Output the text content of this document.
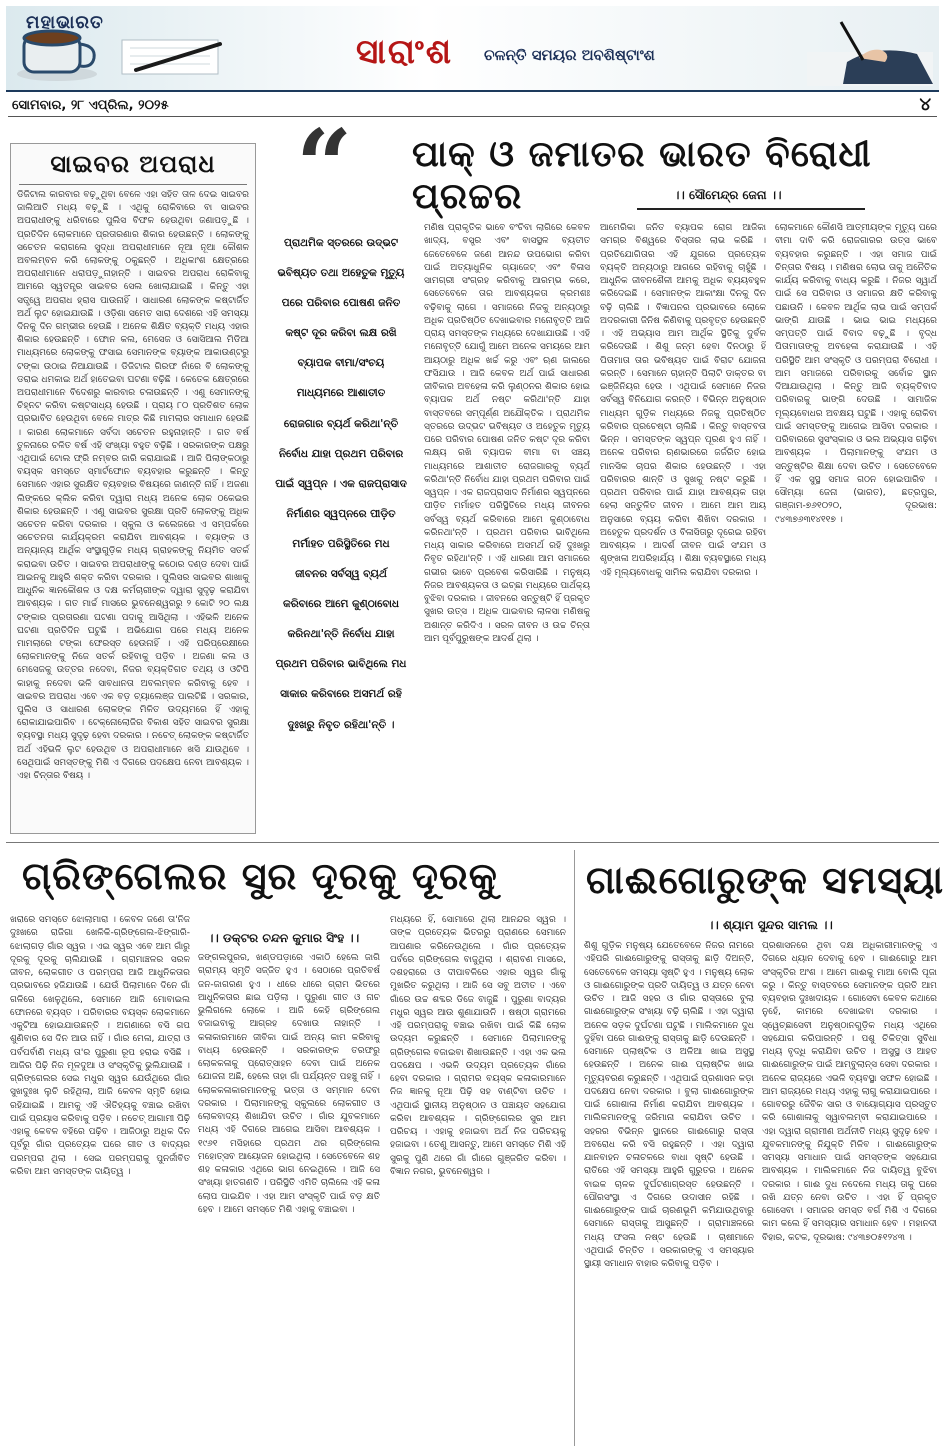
ମହାଭାରତ
ସାରାଂଶ ଚଳନ୍ତି ସମୟର ଅବଶିଷ୍ଟାଂଶ
ସୋମବାର, ୨୮ ଏପ୍ରିଲ, ୨୦୨୫	୪
ସାଇବର ଅପରାଧ
ଡିଜିଟାଲ କାରବାର ବଢ଼ୁଥିବା ବେଳେ ଏହା ସହିତ ତାଳ ଦେଇ ସାଇବର ଜାଲିଆତି ମଧ୍ୟ ବଢ଼ୁଛି । ଏଥିକୁ ରୋକିବାରେ ବା ସାଇବର ଅପରାଧୀଙ୍କୁ ଧରିବାରେ ପୁଲିସ ବିଫଳ ହେଉଥିବା ଜଣାପଡ଼ୁଛି । ପ୍ରତିଦିନ ଲୋକମାନେ ପ୍ରତାରଣାର ଶିକାର ହେଉଛନ୍ତି । ଲୋକଙ୍କୁ ସଚେତନ କରାଗଲେ ସୁଦ୍ଧା ଅପରାଧୀମାନେ ନୂଆ ନୂଆ କୌଶଳ ଅବଲମ୍ବନ କରି ଲୋକଙ୍କୁ ଠକୁଛନ୍ତି । ଅଧିକାଂଶ କ୍ଷେତ୍ରରେ ଅପରାଧୀମାନେ ଧରାପଡ଼ୁନାହାନ୍ତି । ସାଇବର ଅପରାଧ ରୋକିବାକୁ ଆମରେ ସ୍ୱତନ୍ତ୍ର ସାଇବର ସେଲ ଖୋଲାଯାଇଛି । କିନ୍ତୁ ଏହା ସତ୍ତ୍ୱେ ଅପରାଧ ହ୍ରାସ ପାଉନାହିଁ । ସାଧାରଣ ଲୋକଙ୍କ କଷ୍ଟାର୍ଜିତ ଅର୍ଥ ଲୁଟ ହୋଇଯାଉଛି । ଓଡ଼ିଶା ସମେତ ସାରା ଦେଶରେ ଏହି ସମସ୍ୟା ଦିନକୁ ଦିନ ଗମ୍ଭୀର ହେଉଛି । ଅନେକ ଶିକ୍ଷିତ ବ୍ୟକ୍ତି ମଧ୍ୟ ଏହାର ଶିକାର ହେଉଛନ୍ତି । ଫୋନ କଲ, ମେସେଜ ଓ ସୋସିଆଲ ମିଡିଆ ମାଧ୍ୟମରେ ଲୋକଙ୍କୁ ଫସାଇ ସେମାନଙ୍କ ବ୍ୟାଙ୍କ ଆକାଉଣ୍ଟରୁ ଟଙ୍କା ଉଠାଇ ନିଆଯାଉଛି । ଡିଜିଟାଲ ଗିରଫ ନାଁରେ ବି ଲୋକଙ୍କୁ ଡରାଇ ଧମକାଇ ଅର୍ଥ ହାତେଇବା ଘଟଣା ବଢ଼ିଛି । କେତେକ କ୍ଷେତ୍ରରେ ଅପରାଧୀମାନେ ବିଦେଶରୁ କାରବାର ଚଳାଉଛନ୍ତି । ଏଣୁ ସେମାନଙ୍କୁ ଚିହ୍ନଟ କରିବା କଷ୍ଟସାଧ୍ୟ ହେଉଛି । ପ୍ରାୟ ୮୦ ପ୍ରତିଶତ ଲୋକ ପ୍ରଭାବିତ ହେଉଥିବା ବେଳେ ମାତ୍ର କିଛି ମାମଲାର ସମାଧାନ ହେଉଛି । କାରଣ ଲୋକମାନେ ସର୍ବଦା ସଚେତନ ରହୁନାହାନ୍ତି । ଗତ ବର୍ଷ ତୁଳନାରେ ଚଳିତ ବର୍ଷ ଏହି ସଂଖ୍ୟା ବହୁତ ବଢ଼ିଛି । ସରକାରଙ୍କ ପକ୍ଷରୁ ଏଥିପାଇଁ ଟୋଲ ଫ୍ରି ନମ୍ବର ଜାରି କରାଯାଇଛି । ଆଜି ପିଲାଙ୍କଠାରୁ ବୟସ୍କ ସମସ୍ତେ ସ୍ମାର୍ଟଫୋନ ବ୍ୟବହାର କରୁଛନ୍ତି । କିନ୍ତୁ ସେମାନେ ଏହାର ସୁରକ୍ଷିତ ବ୍ୟବହାର ବିଷୟରେ ଜାଣନ୍ତି ନାହିଁ । ଅଜଣା ଲିଙ୍କରେ କ୍ଲିକ କରିବା ଦ୍ୱାରା ମଧ୍ୟ ଅନେକ ଲୋକ ଠକେଇର ଶିକାର ହେଉଛନ୍ତି । ଏଣୁ ସାଇବର ସୁରକ୍ଷା ପ୍ରତି ଲୋକଙ୍କୁ ଅଧିକ ସଚେତନ କରିବା ଦରକାର । ସ୍କୁଲ ଓ କଲେଜରେ ଏ ସମ୍ପର୍କରେ ସଚେତନତା କାର୍ଯ୍ୟକ୍ରମ କରାଯିବା ଆବଶ୍ୟକ । ବ୍ୟାଙ୍କ ଓ ଅନ୍ୟାନ୍ୟ ଆର୍ଥିକ ସଂସ୍ଥାଗୁଡ଼ିକ ମଧ୍ୟ ଗ୍ରାହକଙ୍କୁ ନିୟମିତ ସତର୍କ କରାଇବା ଉଚିତ । ସାଇବର ଅପରାଧୀଙ୍କୁ କଠୋର ଦଣ୍ଡ ଦେବା ପାଇଁ ଆଇନକୁ ଆହୁରି ଶକ୍ତ କରିବା ଦରକାର । ପୁଲିସର ସାଇବର ଶାଖାକୁ ଆଧୁନିକ ଜ୍ଞାନକୌଶଳ ଓ ଦକ୍ଷ କର୍ମଚାରୀଙ୍କ ଦ୍ୱାରା ସୁଦୃଢ଼ କରାଯିବା ଆବଶ୍ୟକ । ଗତ ମାର୍ଚ୍ଚ ମାସରେ ଭୁବନେଶ୍ୱରରୁ ୨ କୋଟି ୨୦ ଲକ୍ଷ ଟଙ୍କାର ପ୍ରତାରଣା ଘଟଣା ପଦାକୁ ଆସିଥିଲା । ଏହିଭଳି ଅନେକ ଘଟଣା ପ୍ରତିଦିନ ଘଟୁଛି । ଅଭିଯୋଗ ପରେ ମଧ୍ୟ ଅନେକ ମାମଲାରେ ଟଙ୍କା ଫେରସ୍ତ ହେଉନାହିଁ । ଏହି ପରିପ୍ରେକ୍ଷୀରେ ଲୋକମାନଙ୍କୁ ନିଜେ ସତର୍କ ରହିବାକୁ ପଡ଼ିବ । ଅଜଣା କଲ ଓ ମେସେଜକୁ ଉତ୍ତର ନଦେବା, ନିଜର ବ୍ୟକ୍ତିଗତ ତଥ୍ୟ ଓ ଓଟିପି କାହାକୁ ନଦେବା ଭଳି ସାବଧାନତା ଅବଲମ୍ବନ କରିବାକୁ ହେବ । ସାଇବର ଅପରାଧ ଏବେ ଏକ ବଡ଼ ଚ୍ୟାଲେଞ୍ଜ ପାଲଟିଛି । ସରକାର, ପୁଲିସ ଓ ସାଧାରଣ ଲୋକଙ୍କ ମିଳିତ ଉଦ୍ୟମରେ ହିଁ ଏହାକୁ ରୋକାଯାଇପାରିବ । ଟେକ୍ନୋଲୋଜିର ବିକାଶ ସହିତ ସାଇବର ସୁରକ୍ଷା ବ୍ୟବସ୍ଥା ମଧ୍ୟ ସୁଦୃଢ଼ ହେବା ଦରକାର । ନଚେତ୍ ଲୋକଙ୍କ କଷ୍ଟାର୍ଜିତ ଅର୍ଥ ଏହିଭଳି ଲୁଟ ହେଉଥିବ ଓ ଅପରାଧୀମାନେ ଖସି ଯାଉଥିବେ । ସେଥିପାଇଁ ସମସ୍ତଙ୍କୁ ମିଶି ଏ ଦିଗରେ ପଦକ୍ଷେପ ନେବା ଆବଶ୍ୟକ । ଏହା ଚିନ୍ତାର ବିଷୟ ।
“ ପାକ୍ ଓ ଜମାତର ଭାରତ ବିରୋଧୀ ପ୍ରଚ୍ଚର	।। ସୌମେନ୍ଦ୍ର ଜେନା ।।
ପ୍ରାଥମିକ ସ୍ତରରେ ଉଦ୍ଭଟ
ଭବିଷ୍ୟତ ତଥା ଅହେତୁକ ମୃତ୍ୟୁ
ପରେ ପରିବାର ପୋଷଣ ଜନିତ
କଷ୍ଟ ଦୂର କରିବା ଲକ୍ଷ ରଖି
ବ୍ୟାପକ ବୀମା/ସଂଚୟ
ମାଧ୍ୟମରେ ଆଶାତୀତ
ରୋଜଗାର ବ୍ୟର୍ଥ କରିଥା'ନ୍ତି
ନିର୍ବୋଧ ଯାହା ପ୍ରଥମ ପରିବାର
ପାଇଁ ସ୍ୱପ୍ନ । ଏକ ରାଜପ୍ରାସାଦ
ନିର୍ମାଣର ସ୍ୱପ୍ନରେ ପୀଡ଼ିତ
ମର୍ମାହତ ପରିସ୍ଥିତିରେ ମଧ
ଜୀବନର ସର୍ବସ୍ୱ ବ୍ୟର୍ଥ
କରିବାରେ ଆମେ କୁଣ୍ଠାବୋଧ
କରିନଥା'ନ୍ତି ନିର୍ବୋଧ ଯାହା
ପ୍ରଥମ ପରିବାର ଭାବିଥିଲେ ମଧ
ସାକାର କରିବାରେ ଅସମର୍ଥ ରହି
ଦୁଃଖରୁ ନିବୃତ ରହିଥା'ନ୍ତି ।
ମଣିଷ ପ୍ରାକୃତିକ ଭାବେ ବଂଚିବା ଲାଗିରେ କେବଳ ଖାଦ୍ୟ, ବସ୍ତ୍ର ଏବଂ ବାସସ୍ଥଳ ବ୍ୟତୀତ ଜେତେବେଳେ ଜଣେ ଆନନ୍ଦ ଉପଭୋଗ କରିବା ପାଇଁ ଅତ୍ୟାଧୁନିକ ଗ୍ୟାଜେଟ୍ ଏବଂ ବିଳାସ ସାମଗ୍ରୀ ସଂଗ୍ରହ କରିବାକୁ ଆରମ୍ଭ କରେ, ସେତେବେଳେ ତାର ଆବଶ୍ୟକତା କ୍ରମଶଃ ବଢ଼ିବାକୁ ଲାଗେ । ସମାଜରେ ନିଜକୁ ଅନ୍ୟଠାରୁ ଅଧିକ ପ୍ରତିଷ୍ଠିତ ଦେଖାଇବାର ମନୋବୃତ୍ତି ଆଜି ପ୍ରାୟ ସମସ୍ତଙ୍କ ମଧ୍ୟରେ ଦେଖାଯାଉଛି । ଏହି ମନୋବୃତ୍ତି ଯୋଗୁଁ ଆମେ ଅନେକ ସମୟରେ ଆମ ଆୟଠାରୁ ଅଧିକ ଖର୍ଚ୍ଚ କରୁ ଏବଂ ଋଣ ଜାଲରେ ଫସିଯାଉ । ଆଜି କେବଳ ଅର୍ଥ ପାଇଁ ସାଧାରଣ ଜୀବିକାର ଅବହେଳା କରି ଲୁଣ୍ଠନର ଶିକାର ହୋଇ ବ୍ୟାପକ ଅର୍ଥ ନଷ୍ଟ କରିଥା'ନ୍ତି ଯାହା ବାସ୍ତବରେ ସମ୍ପୂର୍ଣ୍ଣ ଅଯୌକ୍ତିକ । ପ୍ରାଥମିକ ସ୍ତରରେ ଉଦ୍ଭଟ ଭବିଷ୍ୟତ ଓ ଅହେତୁକ ମୃତ୍ୟୁ ପରେ ପରିବାର ପୋଷଣ ଜନିତ କଷ୍ଟ ଦୂର କରିବା ଲକ୍ଷ୍ୟ ରଖି ବ୍ୟାପକ ବୀମା ବା ସଞ୍ଚୟ ମାଧ୍ୟମରେ ଆଶାତୀତ ରୋଜଗାରକୁ ବ୍ୟର୍ଥ କରିଥା'ନ୍ତି ନିର୍ବୋଧ ଯାହା ପ୍ରଥମ ପରିବାର ପାଇଁ ସ୍ୱପ୍ନ । ଏକ ରାଜପ୍ରାସାଦ ନିର୍ମାଣର ସ୍ୱପ୍ନରେ ପୀଡ଼ିତ ମର୍ମାହତ ପରିସ୍ଥିତିରେ ମଧ୍ୟ ଜୀବନର ସର୍ବସ୍ୱ ବ୍ୟର୍ଥ କରିବାରେ ଆମେ କୁଣ୍ଠାବୋଧ କରିନଥା'ନ୍ତି । ପ୍ରଥମ ପରିବାର ଭାବିଥିଲେ ମଧ୍ୟ ସାକାର କରିବାରେ ଅସମର୍ଥ ରହି ଦୁଃଖରୁ ନିବୃତ ରହିଥା'ନ୍ତି । ଏହି ଧାରଣା ଆମ ସମାଜରେ ଗଭୀର ଭାବେ ପ୍ରବେଶ କରିସାରିଛି । ମନୁଷ୍ୟ ନିଜର ଆବଶ୍ୟକତା ଓ ଇଚ୍ଛା ମଧ୍ୟରେ ପାର୍ଥକ୍ୟ ବୁଝିବା ଦରକାର । ଜୀବନରେ ସନ୍ତୁଷ୍ଟି ହିଁ ପ୍ରକୃତ ସୁଖର ଉତ୍ସ । ଅଧିକ ପାଇବାର ଲାଳସା ମଣିଷକୁ ଅଶାନ୍ତ କରିଦିଏ । ସରଳ ଜୀବନ ଓ ଉଚ୍ଚ ଚିନ୍ତା ଆମ ପୂର୍ବପୁରୁଷଙ୍କ ଆଦର୍ଶ ଥିଲା ।
ଆମେରିକା ଜନିତ ବ୍ୟାପକ ରୋଗ ଆଜିକା ସମଗ୍ର ବିଶ୍ୱରେ ବିସ୍ତାର ଲାଭ କରିଛି । ପ୍ରତିଯୋଗିତାର ଏହି ଯୁଗରେ ପ୍ରତ୍ୟେକ ବ୍ୟକ୍ତି ଅନ୍ୟଠାରୁ ଆଗରେ ରହିବାକୁ ଚାହୁଁଛି । ଆଧୁନିକ ଜୀବନଶୈଳୀ ଆମକୁ ଅଧିକ ବ୍ୟୟବହୁଳ କରିଦେଇଛି । ସେମାନଙ୍କ ଆକାଂକ୍ଷା ଦିନକୁ ଦିନ ବଢ଼ି ଚାଲିଛି । ବିଜ୍ଞାପନର ପ୍ରଭାବରେ ଲୋକେ ଅଦରକାରୀ ଜିନିଷ କିଣିବାକୁ ପ୍ରବୃତ୍ତ ହେଉଛନ୍ତି । ଏହି ଅଭ୍ୟାସ ଆମ ଆର୍ଥିକ ସ୍ଥିତିକୁ ଦୁର୍ବଳ କରିଦେଉଛି । ଶିଶୁ ଜନ୍ମ ହେବା ଦିନଠାରୁ ହିଁ ପିତାମାତା ତାର ଭବିଷ୍ୟତ ପାଇଁ ବିରାଟ ଯୋଜନା କରନ୍ତି । ସେମାନେ ଚାହାନ୍ତି ପିଲାଟି ଡାକ୍ତର ବା ଇଞ୍ଜିନିୟର ହେଉ । ଏଥିପାଇଁ ସେମାନେ ନିଜର ସର୍ବସ୍ୱ ବିନିଯୋଗ କରନ୍ତି । ବିଭିନ୍ନ ଅନୁଷ୍ଠାନ ମାଧ୍ୟମ ଗୁଡ଼ିକ ମଧ୍ୟରେ ନିଜକୁ ପ୍ରତିଷ୍ଠିତ କରିବାର ପ୍ରଚେଷ୍ଟା ଚାଲିଛି । କିନ୍ତୁ ବାସ୍ତବତା ଭିନ୍ନ । ସମସ୍ତଙ୍କ ସ୍ୱପ୍ନ ପୂରଣ ହୁଏ ନାହିଁ । ଅନେକ ପରିବାର ଋଣଭାରରେ ଜର୍ଜରିତ ହୋଇ ମାନସିକ ଚାପର ଶିକାର ହେଉଛନ୍ତି । ଏହା ପରିବାରର ଶାନ୍ତି ଓ ସୁଖକୁ ନଷ୍ଟ କରୁଛି । ପ୍ରଥମ ପରିବାର ପାଇଁ ଯାହା ଆବଶ୍ୟକ ତାହା ହେଲା ସନ୍ତୁଳିତ ଜୀବନ । ଆମେ ଆମ ଆୟ ଅନୁସାରେ ବ୍ୟୟ କରିବା ଶିଖିବା ଦରକାର । ଅହେତୁକ ପ୍ରଦର୍ଶନ ଓ ବିଳାସିତାରୁ ଦୂରେଇ ରହିବା ଆବଶ୍ୟକ । ଆଦର୍ଶ ଜୀବନ ପାଇଁ ସଂଯମ ଓ ଶୃଙ୍ଖଳା ଅପରିହାର୍ଯ୍ୟ । ଶିକ୍ଷା ବ୍ୟବସ୍ଥାରେ ମଧ୍ୟ ଏହି ମୂଲ୍ୟବୋଧକୁ ସାମିଲ କରାଯିବା ଦରକାର ।
ଲୋକମାନେ କୌଣସି ଆତ୍ମୀୟଙ୍କ ମୃତ୍ୟୁ ପରେ ବୀମା ଦାବି କରି ରୋଜଗାରର ଉତ୍ସ ଭାବେ ବ୍ୟବହାର କରୁଛନ୍ତି । ଏହା ସମାଜ ପାଇଁ ଚିନ୍ତାର ବିଷୟ । ମଣିଷର ଲୋଭ ତାକୁ ଅନୈତିକ କାର୍ଯ୍ୟ କରିବାକୁ ବାଧ୍ୟ କରୁଛି । ନିଜର ସ୍ୱାର୍ଥ ପାଇଁ ସେ ପରିବାର ଓ ସମାଜର କ୍ଷତି କରିବାକୁ ପଛାଉନି । କେବଳ ଆର୍ଥିକ ଲାଭ ପାଇଁ ସମ୍ପର୍କ ଭାଙ୍ଗି ଯାଉଛି । ଭାଇ ଭାଇ ମଧ୍ୟରେ ସମ୍ପତ୍ତି ପାଇଁ ବିବାଦ ବଢ଼ୁଛି । ବୃଦ୍ଧ ପିତାମାତାଙ୍କୁ ଅବହେଳା କରାଯାଉଛି । ଏହି ପରିସ୍ଥିତି ଆମ ସଂସ୍କୃତି ଓ ପରମ୍ପରା ବିରୋଧୀ । ଆମ ସମାଜରେ ପରିବାରକୁ ସର୍ବୋଚ୍ଚ ସ୍ଥାନ ଦିଆଯାଉଥିଲା । କିନ୍ତୁ ଆଜି ବ୍ୟକ୍ତିବାଦ ପରିବାରକୁ ଭାଙ୍ଗି ଦେଉଛି । ସାମାଜିକ ମୂଲ୍ୟବୋଧର ଅବକ୍ଷୟ ଘଟୁଛି । ଏହାକୁ ରୋକିବା ପାଇଁ ସମସ୍ତଙ୍କୁ ଆଗେଇ ଆସିବା ଦରକାର । ପରିବାରରେ ସୁସଂସ୍କାର ଓ ଭଲ ଅଭ୍ୟାସ ଗଢ଼ିବା ଆବଶ୍ୟକ । ପିଲାମାନଙ୍କୁ ସଂଯମ ଓ ସନ୍ତୁଷ୍ଟିର ଶିକ୍ଷା ଦେବା ଉଚିତ । ସେତେବେଳେ ହିଁ ଏକ ସୁସ୍ଥ ସମାଜ ଗଠନ ହୋଇପାରିବ । ସୌମ୍ୟା ଜେନା (ଭାରତ), ଛତ୍ରପୁର, ଗଞ୍ଜାମ-୭୬୧୦୨୦, ଦୂରଭାଷ: ୯୪୩୭୬୩୧୪୧୧୭ ।
ଗ୍ରିଙ୍ଗେଲର ସୁର ଦୂରକୁ ଦୂରକୁ
।। ଡକ୍ଟର ଚନ୍ଦନ କୁମାର ସିଂହ ।।
ଖରାରେ ସମସ୍ତେ ଝୋଲାମାରା । କେବଳ ଜଣେ ତା'ନିଜ ଦୁଃଖରେ ରାଜିଗା ଖେଳିକି-ଗ୍ରିଙ୍ଗେଲ-ଝିଙ୍ଗାରି-ଝୋଲାଗଡ଼ ଗାଁର ସ୍ୱର । ଏଇ ସ୍ୱର ଏବେ ଆମ ଗାଁରୁ ଦୂରକୁ ଦୂରକୁ ଚାଲିଯାଉଛି । ଗ୍ରାମାଞ୍ଚଳର ସରଳ ଜୀବନ, ଲୋକଗୀତ ଓ ପରମ୍ପରା ଆଜି ଆଧୁନିକତାର ପ୍ରଭାବରେ ହଜିଯାଉଛି । ଯେଉଁ ପିଲାମାନେ ଦିନେ ଗାଁ ଗଳିରେ ଖେଳୁଥିଲେ, ସେମାନେ ଆଜି ମୋବାଇଲ ଫୋନରେ ବ୍ୟସ୍ତ । ପରିବାରର ବୟସ୍କ ଲୋକମାନେ ଏକୁଟିଆ ହୋଇଯାଉଛନ୍ତି । ଅଗଣାରେ ବସି ଗପ ଶୁଣିବାର ସେ ଦିନ ଆଉ ନାହିଁ । ଗାଁର ମେଳା, ଯାତ୍ରା ଓ ପର୍ବପର୍ବାଣି ମଧ୍ୟ ତା'ର ପୁରୁଣା ରୂପ ହରାଇ ବସିଛି । ଆଜିର ପିଢ଼ି ନିଜ ମୂଳଦୁଆ ଓ ସଂସ୍କୃତିକୁ ଭୁଲିଯାଉଛି । ଗ୍ରିଙ୍ଗେଲର ସେଇ ମଧୁର ସ୍ୱର ଯେଉଁଥିରେ ଗାଁର ସୁଖଦୁଃଖ ଲୁଚି ରହିଥିଲା, ଆଜି କେବଳ ସ୍ମୃତି ହୋଇ ରହିଯାଇଛି । ଆମକୁ ଏହି ଐତିହ୍ୟକୁ ବଞ୍ଚାଇ ରଖିବା ପାଇଁ ପ୍ରୟାସ କରିବାକୁ ପଡ଼ିବ । ନଚେତ୍ ଆଗାମୀ ପିଢ଼ି ଏହାକୁ କେବଳ ବହିରେ ପଢ଼ିବ । ଆଜିଠାରୁ ଅଧିକ ଦିନ ପୂର୍ବରୁ ଗାଁର ପ୍ରତ୍ୟେକ ଘରେ ଗୀତ ଓ ବାଦ୍ୟର ପରମ୍ପରା ଥିଲା । ସେଇ ପରମ୍ପରାକୁ ପୁନର୍ଜୀବିତ କରିବା ଆମ ସମସ୍ତଙ୍କ ଦାୟିତ୍ୱ ।
ଜଙ୍ଗଲପୁରର, ଖଣ୍ଡପଡ଼ାରେ ଏକାଠି ହେଲେ ଜାଗି ଗ୍ରାମ୍ୟ ସ୍ମୃତି ସଜ୍ଜିତ ହୁଏ । ସେଠାରେ ପ୍ରତିବର୍ଷ ଜନ-ଜାଗରଣ ହୁଏ । ଧୀରେ ଧୀରେ ଗ୍ରାମ ଭିତରେ ଆଧୁନିକତାର ଛାଇ ପଡ଼ିଲା । ପୁରୁଣା ଗୀତ ଓ ନାଚ ଭୁଲିଗଲେ ଲୋକେ । ଆଜି କେହି ଗ୍ରିଙ୍ଗେଲ ବଜାଇବାକୁ ଆଗ୍ରହ ଦେଖାଉ ନାହାନ୍ତି । କଳାକାରମାନେ ଜୀବିକା ପାଇଁ ଅନ୍ୟ କାମ କରିବାକୁ ବାଧ୍ୟ ହେଉଛନ୍ତି । ସରକାରଙ୍କ ତରଫରୁ ଲୋକକଳାକୁ ପ୍ରୋତ୍ସାହନ ଦେବା ପାଇଁ ଅନେକ ଯୋଜନା ଅଛି, ହେଲେ ତାହା ଗାଁ ପର୍ଯ୍ୟନ୍ତ ପହଞ୍ଚୁ ନାହିଁ । ଲୋକକଳାକାରମାନଙ୍କୁ ଭତ୍ତା ଓ ସମ୍ମାନ ଦେବା ଦରକାର । ପିଲାମାନଙ୍କୁ ସ୍କୁଲରେ ଲୋକଗୀତ ଓ ଲୋକବାଦ୍ୟ ଶିଖାଯିବା ଉଚିତ । ଗାଁର ଯୁବକମାନେ ମଧ୍ୟ ଏହି ଦିଗରେ ଆଗେଇ ଆସିବା ଆବଶ୍ୟକ । ୧୯୬୧ ମସିହାରେ ପ୍ରଥମ ଥର ଗ୍ରିଙ୍ଗେଲ ମହୋତ୍ସବ ଆୟୋଜନ ହୋଇଥିଲା । ସେତେବେଳେ ଶହ ଶହ କଳାକାର ଏଥିରେ ଭାଗ ନେଇଥିଲେ । ଆଜି ସେ ସଂଖ୍ୟା ହାତଗଣତି । ପରିସ୍ଥିତି ଏମିତି ଚାଲିଲେ ଏହି କଳା ଲୋପ ପାଇଯିବ । ଏହା ଆମ ସଂସ୍କୃତି ପାଇଁ ବଡ଼ କ୍ଷତି ହେବ । ଆମେ ସମସ୍ତେ ମିଶି ଏହାକୁ ବଞ୍ଚାଇବା ।
ମଧ୍ୟରେ ହିଁ, ସୋମାରେ ଥିଲା ଆନନ୍ଦର ସ୍ୱର । ତାଙ୍କ ପ୍ରତ୍ୟେକ ଭିତରରୁ ପ୍ରାଣରେ ସେମାନେ ଆପଣାର କରିନେଉଥିଲେ । ଗାଁର ପ୍ରତ୍ୟେକ ପର୍ବରେ ଗ୍ରିଙ୍ଗେଲ ବାଜୁଥିଲା । ଶ୍ରାବଣ ମାସରେ, ଦଶହରାରେ ଓ ଦୀପାବଳିରେ ଏହାର ସ୍ୱର ଗାଁକୁ ମୁଖରିତ କରୁଥିଲା । ଆଜି ସେ ସବୁ ଅତୀତ । ଏବେ ଗାଁରେ ଉଚ୍ଚ ଶବ୍ଦର ଡିଜେ ବାଜୁଛି । ପୁରୁଣା ବାଦ୍ୟର ମଧୁର ସ୍ୱର ଆଉ ଶୁଣାଯାଉନି । ଷଷ୍ଠୀ ଗ୍ରାମରେ ଏହି ପରମ୍ପରାକୁ ବଞ୍ଚାଇ ରଖିବା ପାଇଁ କିଛି ଲୋକ ଉଦ୍ୟମ କରୁଛନ୍ତି । ସେମାନେ ପିଲାମାନଙ୍କୁ ଗ୍ରିଙ୍ଗେଲ ବଜାଇବା ଶିଖାଉଛନ୍ତି । ଏହା ଏକ ଭଲ ପଦକ୍ଷେପ । ଏଭଳି ଉଦ୍ୟମ ପ୍ରତ୍ୟେକ ଗାଁରେ ହେବା ଦରକାର । ଗ୍ରାମର ବୟସ୍କ କଳାକାରମାନେ ନିଜ ଜ୍ଞାନକୁ ନୂଆ ପିଢ଼ି ସହ ବାଣ୍ଟିବା ଉଚିତ । ଏଥିପାଇଁ ସ୍ଥାନୀୟ ଅନୁଷ୍ଠାନ ଓ ପଞ୍ଚାୟତ ସହଯୋଗ କରିବା ଆବଶ୍ୟକ । ଗ୍ରିଙ୍ଗେଲର ସୁର ଆମ ପରିଚୟ । ଏହାକୁ ହଜାଇବା ଅର୍ଥ ନିଜ ପରିଚୟକୁ ହଜାଇବା । ତେଣୁ ଆସନ୍ତୁ, ଆମେ ସମସ୍ତେ ମିଶି ଏହି ସୁରକୁ ପୁଣି ଥରେ ଗାଁ ଗାଁରେ ଗୁଞ୍ଜରିତ କରିବା । ବିଜ୍ଞାନ ନଗର, ଭୁବନେଶ୍ୱର ।
ଗାଈଗୋରୁଙ୍କ ସମସ୍ୟା
।। ଶ୍ୟାମ ସୁନ୍ଦର ସାମଲ ।।
ଶିଶୁ ଗୁଡ଼ିକ ମନୁଷ୍ୟ ଯେତେବେଳେ ନିଜର ନାମରେ ଏହିପରି ଗାଈଗୋରୁଙ୍କୁ ରାସ୍ତାକୁ ଛାଡ଼ି ଦିଅନ୍ତି, ସେତେବେଳେ ସମସ୍ୟା ସୃଷ୍ଟି ହୁଏ । ମନୁଷ୍ୟ ଲୋକ ଓ ଗାଈଗୋରୁଙ୍କ ପ୍ରତି ଦାୟିତ୍ୱ ଓ ଯତ୍ନ ନେବା ଉଚିତ । ଆଜି ସହର ଓ ଗାଁର ରାସ୍ତାରେ ବୁଲା ଗାଈଗୋରୁଙ୍କ ସଂଖ୍ୟା ବଢ଼ି ଚାଲିଛି । ଏହା ଦ୍ୱାରା ଅନେକ ସଡ଼କ ଦୁର୍ଘଟଣା ଘଟୁଛି । ମାଲିକମାନେ ଦୁଧ ଦୁହିଁବା ପରେ ଗାଈଙ୍କୁ ରାସ୍ତାକୁ ଛାଡ଼ି ଦେଉଛନ୍ତି । ସେମାନେ ପ୍ଲାଷ୍ଟିକ ଓ ଅଳିଆ ଖାଇ ଅସୁସ୍ଥ ହେଉଛନ୍ତି । ଅନେକ ଗାଈ ପ୍ଲାଷ୍ଟିକ ଖାଇ ମୃତ୍ୟୁବରଣ କରୁଛନ୍ତି । ଏଥିପାଇଁ ପ୍ରଶାସନ କଡ଼ା ପଦକ୍ଷେପ ନେବା ଦରକାର । ବୁଲା ଗାଈଗୋରୁଙ୍କ ପାଇଁ ଗୋଶାଳା ନିର୍ମାଣ କରାଯିବା ଆବଶ୍ୟକ । ମାଲିକମାନଙ୍କୁ ଜରିମାନା କରାଯିବା ଉଚିତ । ସହରର ବିଭିନ୍ନ ସ୍ଥାନରେ ଗାଈଗୋରୁ ରାସ୍ତା ଅବରୋଧ କରି ବସି ରହୁଛନ୍ତି । ଏହା ଦ୍ୱାରା ଯାନବାହନ ଚଳାଚଳରେ ବାଧା ସୃଷ୍ଟି ହେଉଛି । ରାତିରେ ଏହି ସମସ୍ୟା ଆହୁରି ଗୁରୁତର । ଅନେକ ବାଇକ ଚାଳକ ଦୁର୍ଘଟଣାଗ୍ରସ୍ତ ହେଉଛନ୍ତି । ପୌରସଂସ୍ଥା ଏ ଦିଗରେ ଉଦାସୀନ ରହିଛି । ଗାଈଗୋରୁଙ୍କ ପାଇଁ ଚାରଣଭୂମି କମିଯାଉଥିବାରୁ ସେମାନେ ରାସ୍ତାକୁ ଆସୁଛନ୍ତି । ଗ୍ରାମାଞ୍ଚଳରେ ମଧ୍ୟ ଫସଲ ନଷ୍ଟ ହେଉଛି । ଚାଷୀମାନେ ଏଥିପାଇଁ ଚିନ୍ତିତ । ସରକାରଙ୍କୁ ଏ ସମସ୍ୟାର ସ୍ଥାୟୀ ସମାଧାନ ବାହାର କରିବାକୁ ପଡ଼ିବ ।
ପ୍ରଶାସନରେ ଥିବା ଦକ୍ଷ ଅଧିକାରୀମାନଙ୍କୁ ଏ ଦିଗରେ ଧ୍ୟାନ ଦେବାକୁ ହେବ । ଗାଈଗୋରୁ ଆମ ସଂସ୍କୃତିର ଅଂଶ । ଆମେ ଗାଈକୁ ମାଆ ବୋଲି ପୂଜା କରୁ । କିନ୍ତୁ ବାସ୍ତବରେ ସେମାନଙ୍କ ପ୍ରତି ଆମ ବ୍ୟବହାର ଦୁଃଖଦାୟକ । ଗୋସେବା କେବଳ କଥାରେ ନୁହେଁ, କାମରେ ଦେଖାଇବା ଦରକାର । ସ୍ୱେଚ୍ଛାସେବୀ ଅନୁଷ୍ଠାନଗୁଡ଼ିକ ମଧ୍ୟ ଏଥିରେ ସହଯୋଗ କରିପାରନ୍ତି । ପଶୁ ଚିକିତ୍ସା ସୁବିଧା ମଧ୍ୟ ବୃଦ୍ଧି କରାଯିବା ଉଚିତ । ଅସୁସ୍ଥ ଓ ଆହତ ଗାଈଗୋରୁଙ୍କ ପାଇଁ ଆମ୍ବୁଲାନ୍ସ ସେବା ଦରକାର । ଅନେକ ରାଜ୍ୟରେ ଏଭଳି ବ୍ୟବସ୍ଥା ସଫଳ ହୋଇଛି । ଆମ ରାଜ୍ୟରେ ମଧ୍ୟ ଏହାକୁ ଲାଗୁ କରାଯାଇପାରେ । ଗୋବରରୁ ଜୈବିକ ସାର ଓ ବାୟୋଗ୍ୟାସ ପ୍ରସ୍ତୁତ କରି ଗୋଶାଳାକୁ ସ୍ୱାବଲମ୍ବୀ କରାଯାଇପାରେ । ଏହା ଦ୍ୱାରା ଗ୍ରାମୀଣ ଅର୍ଥନୀତି ମଧ୍ୟ ସୁଦୃଢ଼ ହେବ । ଯୁବକମାନଙ୍କୁ ନିଯୁକ୍ତି ମିଳିବ । ଗାଈଗୋରୁଙ୍କ ସମସ୍ୟା ସମାଧାନ ପାଇଁ ସମସ୍ତଙ୍କ ସହଯୋଗ ଆବଶ୍ୟକ । ମାଲିକମାନେ ନିଜ ଦାୟିତ୍ୱ ବୁଝିବା ଦରକାର । ଗାଈ ଦୁଧ ନଦେଲେ ମଧ୍ୟ ତାକୁ ଘରେ ରଖି ଯତ୍ନ ନେବା ଉଚିତ । ଏହା ହିଁ ପ୍ରକୃତ ଗୋସେବା । ସମାଜର ସମସ୍ତ ବର୍ଗ ମିଶି ଏ ଦିଗରେ କାମ କଲେ ହିଁ ସମସ୍ୟାର ସମାଧାନ ହେବ । ମହାନଦୀ ବିହାର, କଟକ, ଦୂରଭାଷ: ୯୪୩୭୦୫୧୨୪୩ ।
